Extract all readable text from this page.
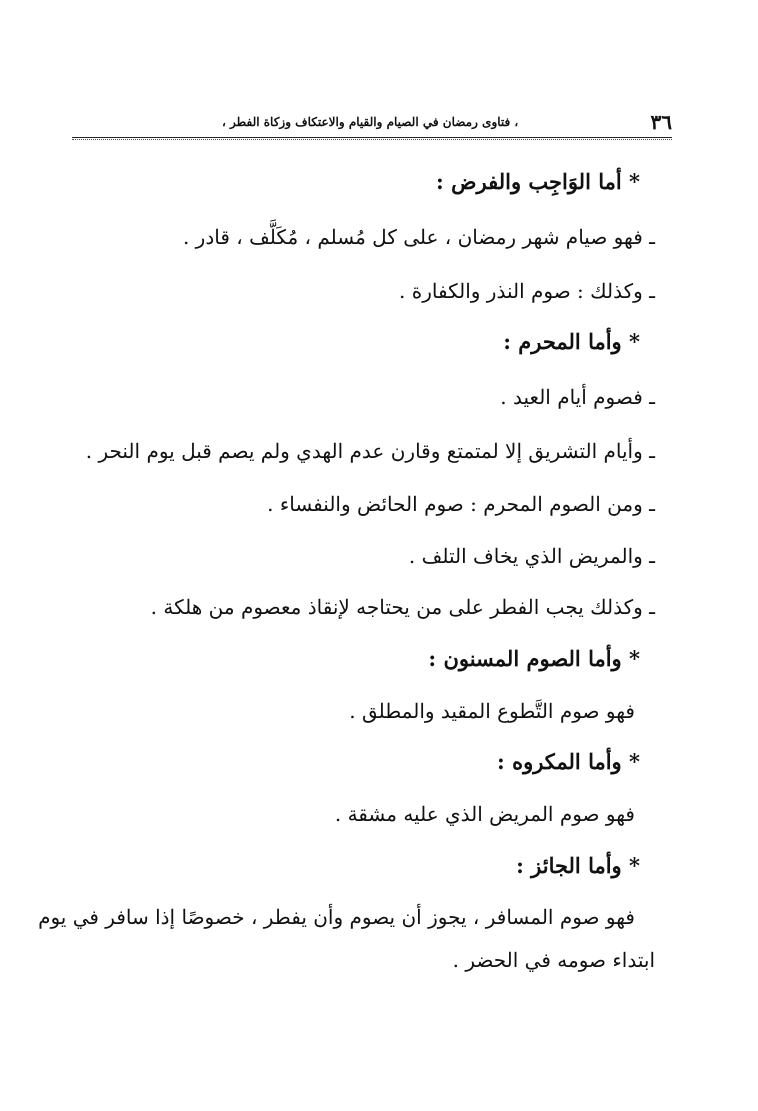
٣٦
، فتاوى رمضان في الصيام والقيام والاعتكاف وزكاة الفطر ،
* أما الوَاجِب والفرض :
ـ فهو صيام شهر رمضان ، على كل مُسلم ، مُكَلَّف ، قادر .
ـ وكذلك : صوم النذر والكفارة .
* وأما المحرم :
ـ فصوم أيام العيد .
ـ وأيام التشريق إلا لمتمتع وقارن عدم الهدي ولم يصم قبل يوم النحر .
ـ ومن الصوم المحرم : صوم الحائض والنفساء .
ـ والمريض الذي يخاف التلف .
ـ وكذلك يجب الفطر على من يحتاجه لإنقاذ معصوم من هلكة .
* وأما الصوم المسنون :
فهو صوم التَّطوع المقيد والمطلق .
* وأما المكروه :
فهو صوم المريض الذي عليه مشقة .
* وأما الجائز :
فهو صوم المسافر ، يجوز أن يصوم وأن يفطر ، خصوصًا إذا سافر في يوم
ابتداء صومه في الحضر .
